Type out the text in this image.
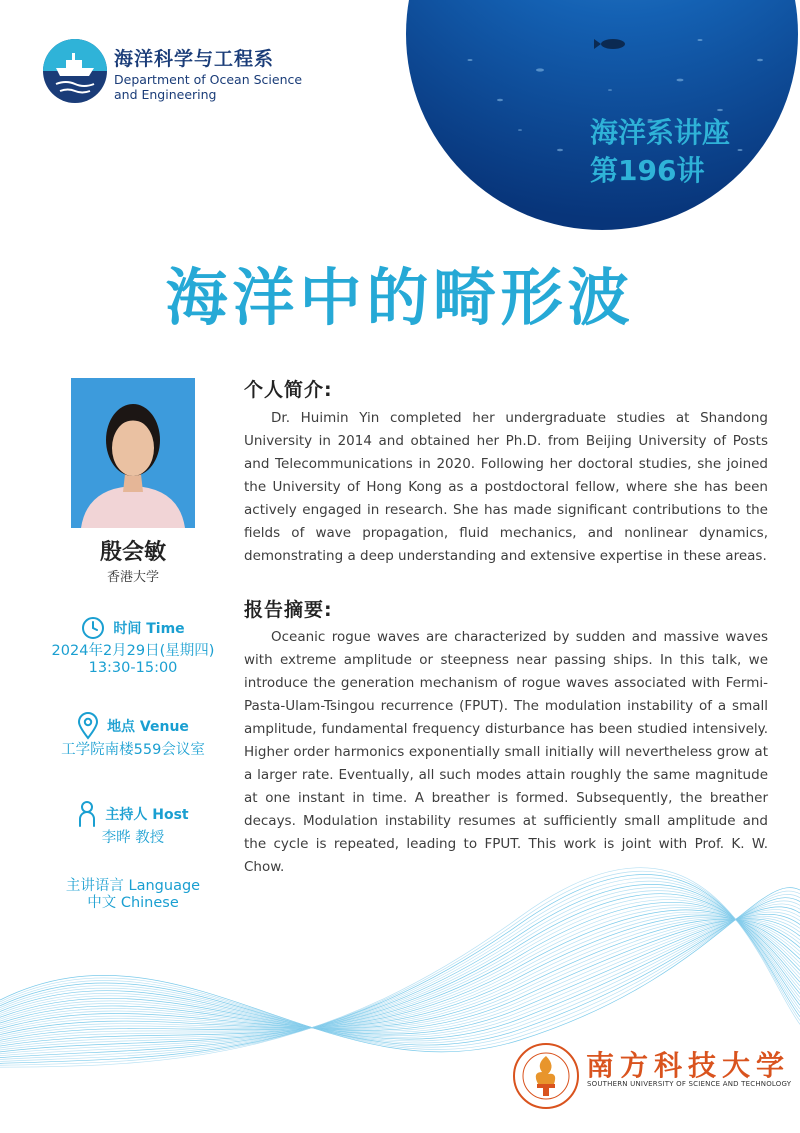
海洋科学与工程系
Department of Ocean Science
and Engineering
海洋系讲座
第196讲
海洋中的畸形波
殷会敏
香港大学
时间 Time
2024年2月29日(星期四)
13:30-15:00
地点 Venue
工学院南楼559会议室
主持人 Host
李晔 教授
主讲语言 Language
中文 Chinese
个人简介:
Dr. Huimin Yin completed her undergraduate studies at Shandong University in 2014 and obtained her Ph.D. from Beijing University of Posts and Telecommunications in 2020. Following her doctoral studies, she joined the University of Hong Kong as a postdoctoral fellow, where she has been actively engaged in research. She has made significant contributions to the fields of wave propagation, fluid mechanics, and nonlinear dynamics, demonstrating a deep understanding and extensive expertise in these areas.
报告摘要:
Oceanic rogue waves are characterized by sudden and massive waves with extreme amplitude or steepness near passing ships. In this talk, we introduce the generation mechanism of rogue waves associated with Fermi-Pasta-Ulam-Tsingou recurrence (FPUT). The modulation instability of a small amplitude, fundamental frequency disturbance has been studied intensively. Higher order harmonics exponentially small initially will nevertheless grow at a larger rate. Eventually, all such modes attain roughly the same magnitude at one instant in time. A breather is formed. Subsequently, the breather decays. Modulation instability resumes at sufficiently small amplitude and the cycle is repeated, leading to FPUT. This work is joint with Prof. K. W. Chow.
南方科技大学
SOUTHERN UNIVERSITY OF SCIENCE AND TECHNOLOGY
